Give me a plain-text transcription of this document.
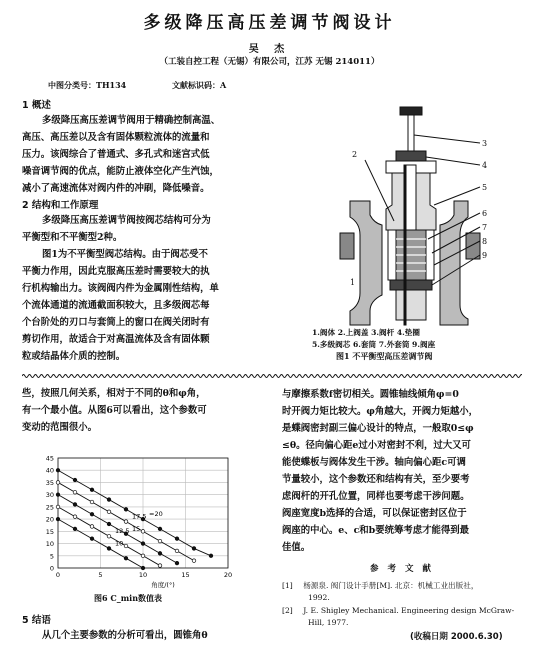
多级降压高压差调节阀设计
吴 杰
（工装自控工程（无锡）有限公司，江苏 无锡 214011）
中图分类号：TH134	文献标识码：A
1 概述
多级降压高压差调节阀用于精确控制高温、
高压、高压差以及含有固体颗粒流体的流量和
压力。该阀综合了普通式、多孔式和迷宫式低
噪音调节阀的优点，能防止液体空化产生汽蚀，
减小了高速流体对阀内件的冲刷，降低噪音。
2 结构和工作原理
多级降压高压差调节阀按阀芯结构可分为
平衡型和不平衡型2种。
图1为不平衡型阀芯结构。由于阀芯受不
平衡力作用，因此克服高压差时需要较大的执
行机构输出力。该阀阀内件为金属刚性结构，单
个流体通道的流通截面积较大，且多级阀芯每
个台阶处的刃口与套筒上的窗口在阀关闭时有
剪切作用，故适合于对高温流体及含有固体颗
粒或结晶体介质的控制。
2
3
4
5
6
7
8
9
1
1.阀体 2.上阀盖 3.阀杆 4.垫圈
5.多级阀芯 6.套筒 7.外套筒 9.阀座
图1 不平衡型高压差调节阀
些，按照几何关系，相对于不同的θ和φ角，
有一个最小值。从图6可以看出，这个参数可
变动的范围很小。
0
5
10
15
20
25
30
35
40
45
0	5	10	15	20
角度/(°)
=20
17.5
15
12.5
10
图6 C_min数值表
5 结语
从几个主要参数的分析可看出，圆锥角θ
与摩擦系数f密切相关。圆锥轴线倾角φ=0
时开阀力矩比较大。φ角越大，开阀力矩越小，
是蝶阀密封副三偏心设计的特点，一般取0≤φ
≤θ。径向偏心距e过小对密封不利，过大又可
能使蝶板与阀体发生干涉。轴向偏心距c可调
节量较小，这个参数还和结构有关，至少要考
虑阀杆的开孔位置，同样也要考虑干涉问题。
阀座宽度b选择的合适，可以保证密封区位于
阀座的中心。e、c和b要统筹考虑才能得到最
佳值。
参 考 文 献
[1] 杨源泉. 阀门设计手册[M]. 北京：机械工业出版社，
1992.
[2] J. E. Shigley Mechanical. Engineering design McGraw-
Hill, 1977.
(收稿日期 2000.6.30)
